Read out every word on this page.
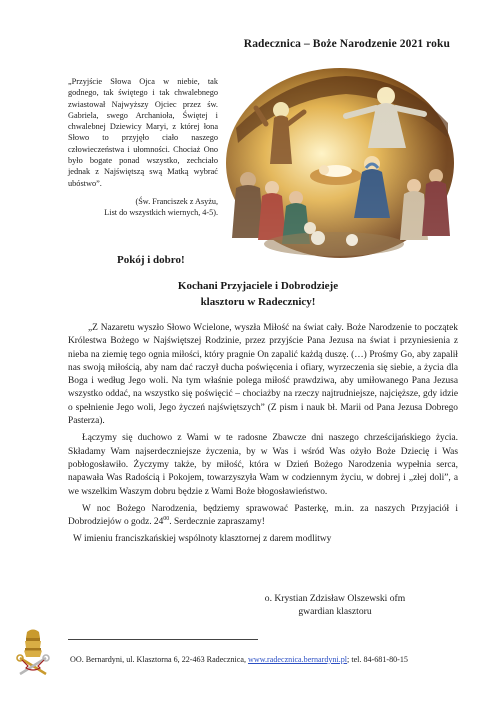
Radecznica – Boże Narodzenie 2021 roku
„Przyjście Słowa Ojca w niebie, tak godnego, tak świętego i tak chwalebnego zwiastował Najwyższy Ojciec przez św. Gabriela, swego Archanioła, Świętej i chwalebnej Dziewicy Maryi, z której łona Słowo to przyjęło ciało naszego człowieczeństwa i ułomności. Chociaż Ono było bogate ponad wszystko, zechciało jednak z Najświętszą swą Matką wybrać ubóstwo”.
(Św. Franciszek z Asyżu,
List do wszystkich wiernych, 4-5).
Pokój i dobro!
Kochani Przyjaciele i Dobrodzieje
klasztoru w Radecznicy!

„Z Nazaretu wyszło Słowo Wcielone, wyszła Miłość na świat cały. Boże Narodzenie to początek Królestwa Bożego w Najświętszej Rodzinie, przez przyjście Pana Jezusa na świat i przyniesienia z nieba na ziemię tego ognia miłości, który pragnie On zapalić każdą duszę. (…) Prośmy Go, aby zapalił nas swoją miłością, aby nam dać raczył ducha poświęcenia i ofiary, wyrzeczenia się siebie, a życia dla Boga i według Jego woli. Na tym właśnie polega miłość prawdziwa, aby umiłowanego Pana Jezusa wszystko oddać, na wszystko się poświęcić – chociażby na rzeczy najtrudniejsze, najcięższe, gdy idzie o spełnienie Jego woli, Jego życzeń najświętszych” (Z pism i nauk bł. Marii od Pana Jezusa Dobrego Pasterza).

Łączymy się duchowo z Wami w te radosne Zbawcze dni naszego chrześcijańskiego życia. Składamy Wam najserdeczniejsze życzenia, by w Was i wśród Was ożyło Boże Dziecię i Was pobłogosławiło. Życzymy także, by miłość, która w Dzień Bożego Narodzenia wypełnia serca, napawała Was Radością i Pokojem, towarzyszyła Wam w codziennym życiu, w dobrej i „złej doli”, a we wszelkim Waszym dobru będzie z Wami Boże błogosławieństwo.

W noc Bożego Narodzenia, będziemy sprawować Pasterkę, m.in. za naszych Przyjaciół i Dobrodziejów o godz. $24^{00}$. Serdecznie zapraszamy!

W imieniu franciszkańskiej wspólnoty klasztornej z darem modlitwy

o. Krystian Zdzisław Olszewski ofm
gwardian klasztoru
OO. Bernardyni, ul. Klasztorna 6, 22-463 Radecznica, www.radecznica.bernardyni.pl; tel. 84-681-80-15
